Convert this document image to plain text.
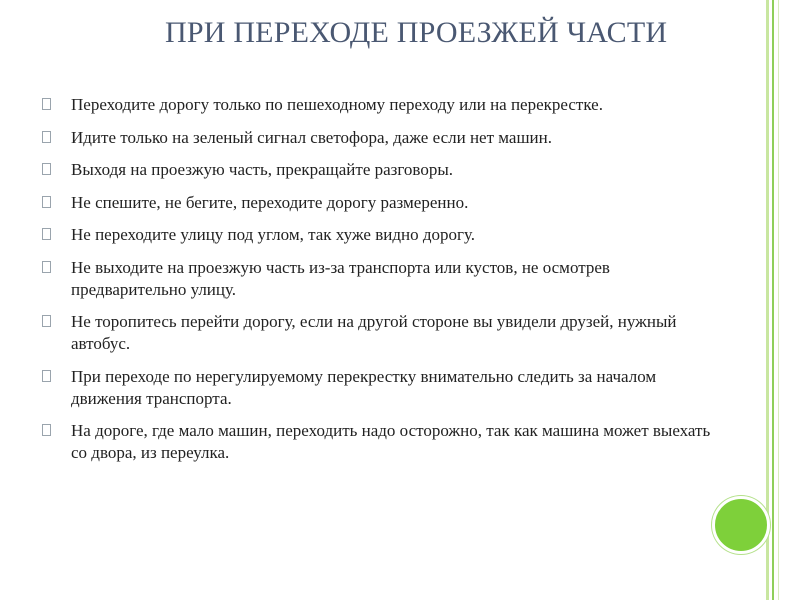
ПРИ ПЕРЕХОДЕ ПРОЕЗЖЕЙ ЧАСТИ
Переходите дорогу только по пешеходному переходу или на перекрестке.
Идите только на зеленый сигнал светофора, даже если нет машин.
Выходя на проезжую часть, прекращайте разговоры.
Не спешите, не бегите, переходите дорогу размеренно.
Не переходите улицу под углом, так хуже видно дорогу.
Не выходите на проезжую часть из-за транспорта или кустов, не осмотрев предварительно улицу.
Не торопитесь перейти дорогу, если на другой стороне вы увидели друзей, нужный автобус.
При переходе по нерегулируемому перекрестку внимательно следить за началом движения транспорта.
На дороге, где мало машин, переходить надо осторожно, так как машина может выехать со двора, из переулка.
